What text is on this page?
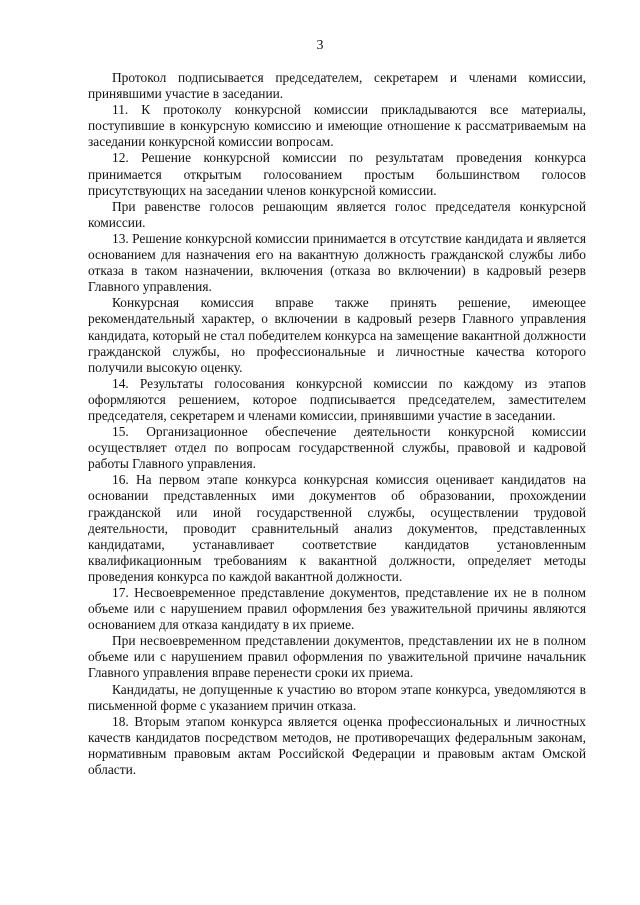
3

Протокол подписывается председателем, секретарем и членами комиссии, принявшими участие в заседании.

11. К протоколу конкурсной комиссии прикладываются все материалы, поступившие в конкурсную комиссию и имеющие отношение к рассматриваемым на заседании конкурсной комиссии вопросам.

12. Решение конкурсной комиссии по результатам проведения конкурса принимается открытым голосованием простым большинством голосов присутствующих на заседании членов конкурсной комиссии.

При равенстве голосов решающим является голос председателя конкурсной комиссии.

13. Решение конкурсной комиссии принимается в отсутствие кандидата и является основанием для назначения его на вакантную должность гражданской службы либо отказа в таком назначении, включения (отказа во включении) в кадровый резерв Главного управления.

Конкурсная комиссия вправе также принять решение, имеющее рекомендательный характер, о включении в кадровый резерв Главного управления кандидата, который не стал победителем конкурса на замещение вакантной должности гражданской службы, но профессиональные и личностные качества которого получили высокую оценку.

14. Результаты голосования конкурсной комиссии по каждому из этапов оформляются решением, которое подписывается председателем, заместителем председателя, секретарем и членами комиссии, принявшими участие в заседании.

15. Организационное обеспечение деятельности конкурсной комиссии осуществляет отдел по вопросам государственной службы, правовой и кадровой работы Главного управления.

16. На первом этапе конкурса конкурсная комиссия оценивает кандидатов на основании представленных ими документов об образовании, прохождении гражданской или иной государственной службы, осуществлении трудовой деятельности, проводит сравнительный анализ документов, представленных кандидатами, устанавливает соответствие кандидатов установленным квалификационным требованиям к вакантной должности, определяет методы проведения конкурса по каждой вакантной должности.

17. Несвоевременное представление документов, представление их не в полном объеме или с нарушением правил оформления без уважительной причины являются основанием для отказа кандидату в их приеме.

При несвоевременном представлении документов, представлении их не в полном объеме или с нарушением правил оформления по уважительной причине начальник Главного управления вправе перенести сроки их приема.

Кандидаты, не допущенные к участию во втором этапе конкурса, уведомляются в письменной форме с указанием причин отказа.

18. Вторым этапом конкурса является оценка профессиональных и личностных качеств кандидатов посредством методов, не противоречащих федеральным законам, нормативным правовым актам Российской Федерации и правовым актам Омской области.
